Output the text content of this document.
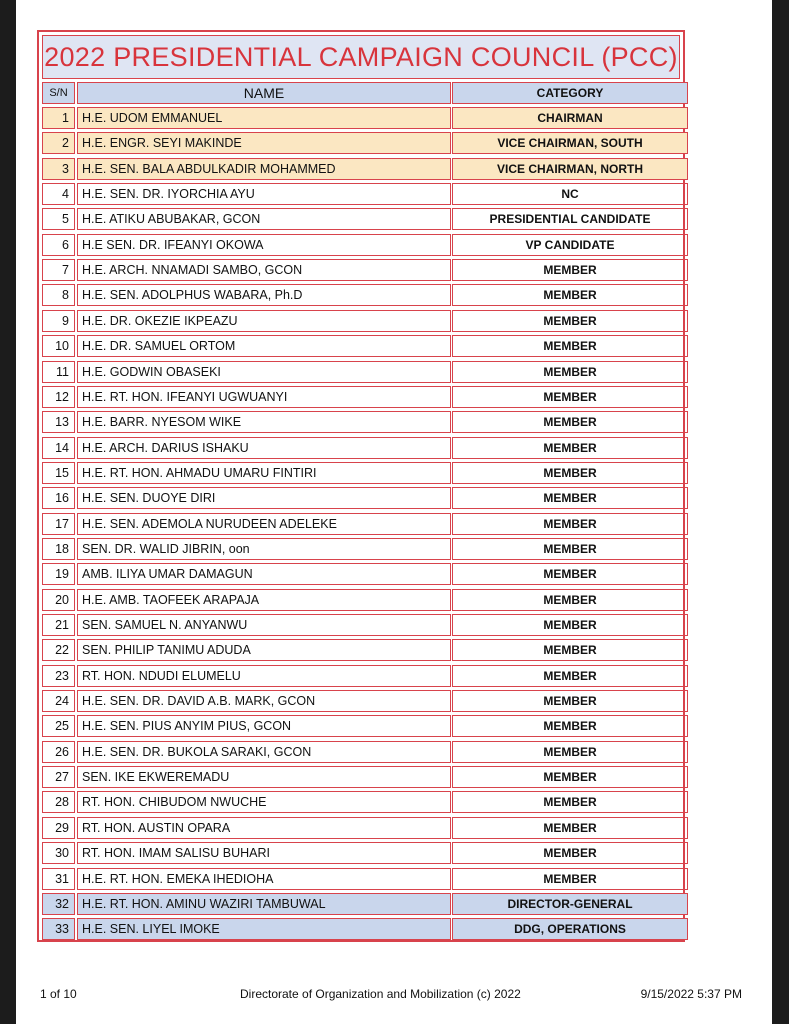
2022 PRESIDENTIAL CAMPAIGN COUNCIL (PCC)
S/N	NAME	CATEGORY
1	H.E. UDOM EMMANUEL	CHAIRMAN
2	H.E. ENGR. SEYI MAKINDE	VICE CHAIRMAN, SOUTH
3	H.E. SEN. BALA ABDULKADIR MOHAMMED	VICE CHAIRMAN, NORTH
4	H.E. SEN. DR. IYORCHIA AYU	NC
5	H.E. ATIKU ABUBAKAR, GCON	PRESIDENTIAL CANDIDATE
6	H.E SEN. DR. IFEANYI OKOWA	VP CANDIDATE
7	H.E. ARCH. NNAMADI SAMBO, GCON	MEMBER
8	H.E. SEN. ADOLPHUS WABARA, Ph.D	MEMBER
9	H.E. DR. OKEZIE IKPEAZU	MEMBER
10	H.E. DR. SAMUEL ORTOM	MEMBER
11	H.E. GODWIN OBASEKI	MEMBER
12	H.E. RT. HON. IFEANYI UGWUANYI	MEMBER
13	H.E. BARR. NYESOM WIKE	MEMBER
14	H.E. ARCH. DARIUS ISHAKU	MEMBER
15	H.E. RT. HON. AHMADU UMARU FINTIRI	MEMBER
16	H.E. SEN. DUOYE DIRI	MEMBER
17	H.E. SEN. ADEMOLA NURUDEEN ADELEKE	MEMBER
18	SEN. DR. WALID JIBRIN, oon	MEMBER
19	AMB. ILIYA UMAR DAMAGUN	MEMBER
20	H.E. AMB. TAOFEEK ARAPAJA	MEMBER
21	SEN. SAMUEL N. ANYANWU	MEMBER
22	SEN. PHILIP TANIMU ADUDA	MEMBER
23	RT. HON. NDUDI ELUMELU	MEMBER
24	H.E. SEN. DR. DAVID A.B. MARK, GCON	MEMBER
25	H.E. SEN. PIUS ANYIM PIUS, GCON	MEMBER
26	H.E. SEN. DR. BUKOLA SARAKI, GCON	MEMBER
27	SEN. IKE EKWEREMADU	MEMBER
28	RT. HON. CHIBUDOM NWUCHE	MEMBER
29	RT. HON. AUSTIN OPARA	MEMBER
30	RT. HON. IMAM SALISU BUHARI	MEMBER
31	H.E. RT. HON. EMEKA IHEDIOHA	MEMBER
32	H.E. RT. HON. AMINU WAZIRI TAMBUWAL	DIRECTOR-GENERAL
33	H.E. SEN. LIYEL IMOKE	DDG, OPERATIONS
1 of 10	Directorate of Organization and Mobilization (c) 2022	9/15/2022 5:37 PM
